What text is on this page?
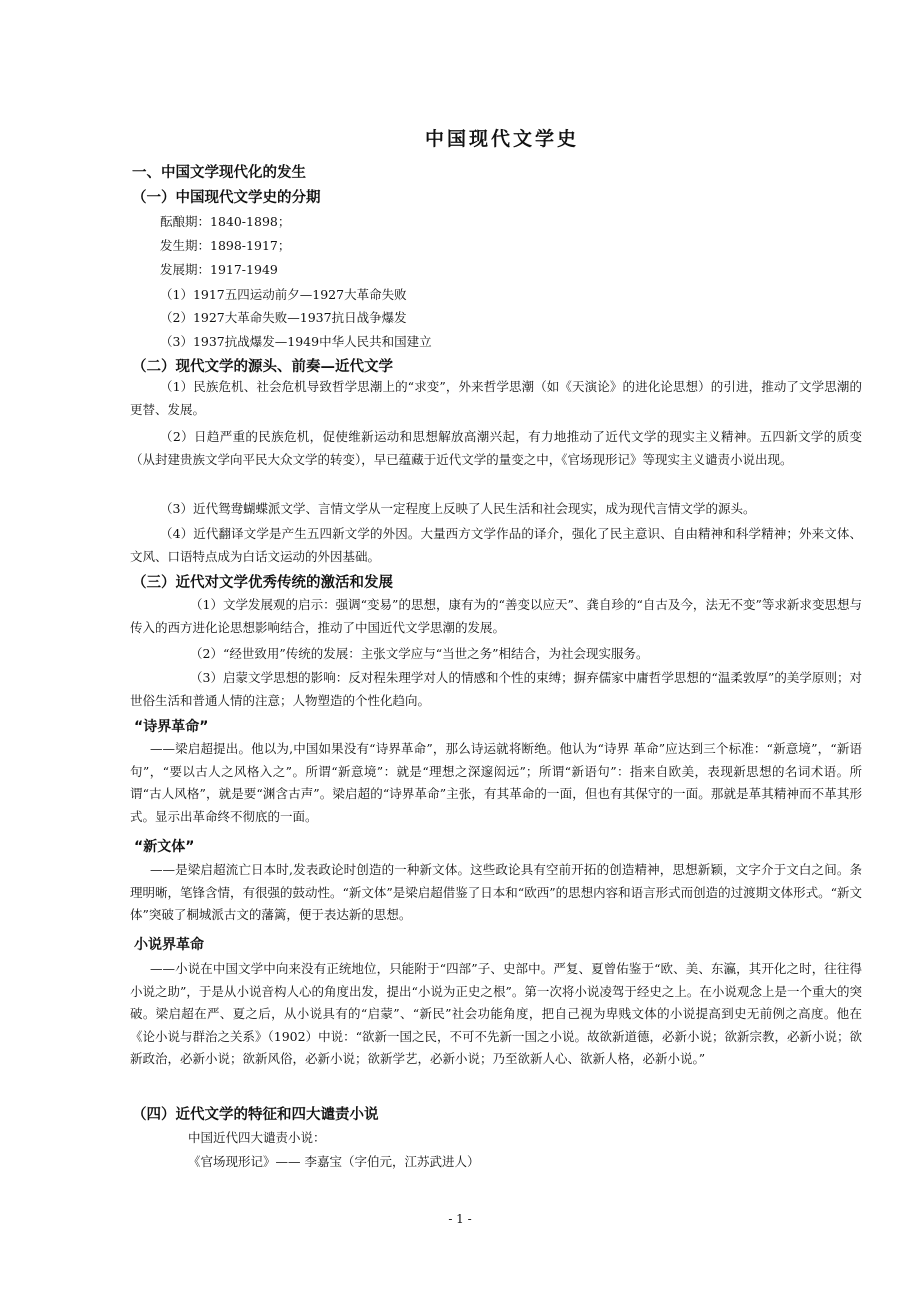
中国现代文学史
一、中国文学现代化的发生
（一）中国现代文学史的分期
酝酿期：1840-1898；
发生期：1898-1917；
发展期：1917-1949
（1）1917五四运动前夕—1927大革命失败
（2）1927大革命失败—1937抗日战争爆发
（3）1937抗战爆发—1949中华人民共和国建立
（二）现代文学的源头、前奏—近代文学
（1）民族危机、社会危机导致哲学思潮上的“求变”，外来哲学思潮（如《天演论》的进化论思想）的引进，推动了文学思潮的更替、发展。
（2）日趋严重的民族危机，促使维新运动和思想解放高潮兴起，有力地推动了近代文学的现实主义精神。五四新文学的质变（从封建贵族文学向平民大众文学的转变），早已蕴藏于近代文学的量变之中，《官场现形记》等现实主义谴责小说出现。
（3）近代鸳鸯蝴蝶派文学、言情文学从一定程度上反映了人民生活和社会现实，成为现代言情文学的源头。
（4）近代翻译文学是产生五四新文学的外因。大量西方文学作品的译介，强化了民主意识、自由精神和科学精神；外来文体、文风、口语特点成为白话文运动的外因基础。
（三）近代对文学优秀传统的激活和发展
（1）文学发展观的启示：强调“变易”的思想，康有为的“善变以应天”、龚自珍的“自古及今，法无不变”等求新求变思想与传入的西方进化论思想影响结合，推动了中国近代文学思潮的发展。
（2）“经世致用”传统的发展：主张文学应与“当世之务”相结合，为社会现实服务。
（3）启蒙文学思想的影响：反对程朱理学对人的情感和个性的束缚；摒弃儒家中庸哲学思想的“温柔敦厚”的美学原则；对世俗生活和普通人情的注意；人物塑造的个性化趋向。
“诗界革命”
——梁启超提出。他以为,中国如果没有“诗界革命”，那么诗运就将断绝。他认为“诗界 革命”应达到三个标准：“新意境”，“新语句”，“要以古人之风格入之”。所谓“新意境”：就是“理想之深邃闳远”；所谓“新语句”：指来自欧美，表现新思想的名词术语。所谓“古人风格”，就是要“渊含古声”。梁启超的“诗界革命”主张，有其革命的一面，但也有其保守的一面。那就是革其精神而不革其形式。显示出革命终不彻底的一面。
“新文体”
——是梁启超流亡日本时,发表政论时创造的一种新文体。这些政论具有空前开拓的创造精神，思想新颖，文字介于文白之间。条理明晰，笔锋含情，有很强的鼓动性。“新文体”是梁启超借鉴了日本和“欧西”的思想内容和语言形式而创造的过渡期文体形式。“新文体”突破了桐城派古文的藩篱，便于表达新的思想。
小说界革命
——小说在中国文学中向来没有正统地位，只能附于“四部”子、史部中。严复、夏曾佑鉴于“欧、美、东瀛，其开化之时，往往得小说之助”，于是从小说音构人心的角度出发，提出“小说为正史之根”。第一次将小说凌驾于经史之上。在小说观念上是一个重大的突破。梁启超在严、夏之后，从小说具有的“启蒙”、“新民”社会功能角度，把自己视为卑贱文体的小说提高到史无前例之高度。他在《论小说与群治之关系》（1902）中说：“欲新一国之民，不可不先新一国之小说。故欲新道德，必新小说；欲新宗教，必新小说；欲新政治，必新小说；欲新风俗，必新小说；欲新学艺，必新小说；乃至欲新人心、欲新人格，必新小说。”
（四）近代文学的特征和四大谴责小说
中国近代四大谴责小说：
《官场现形记》—— 李嘉宝（字伯元，江苏武进人）
- 1 -
